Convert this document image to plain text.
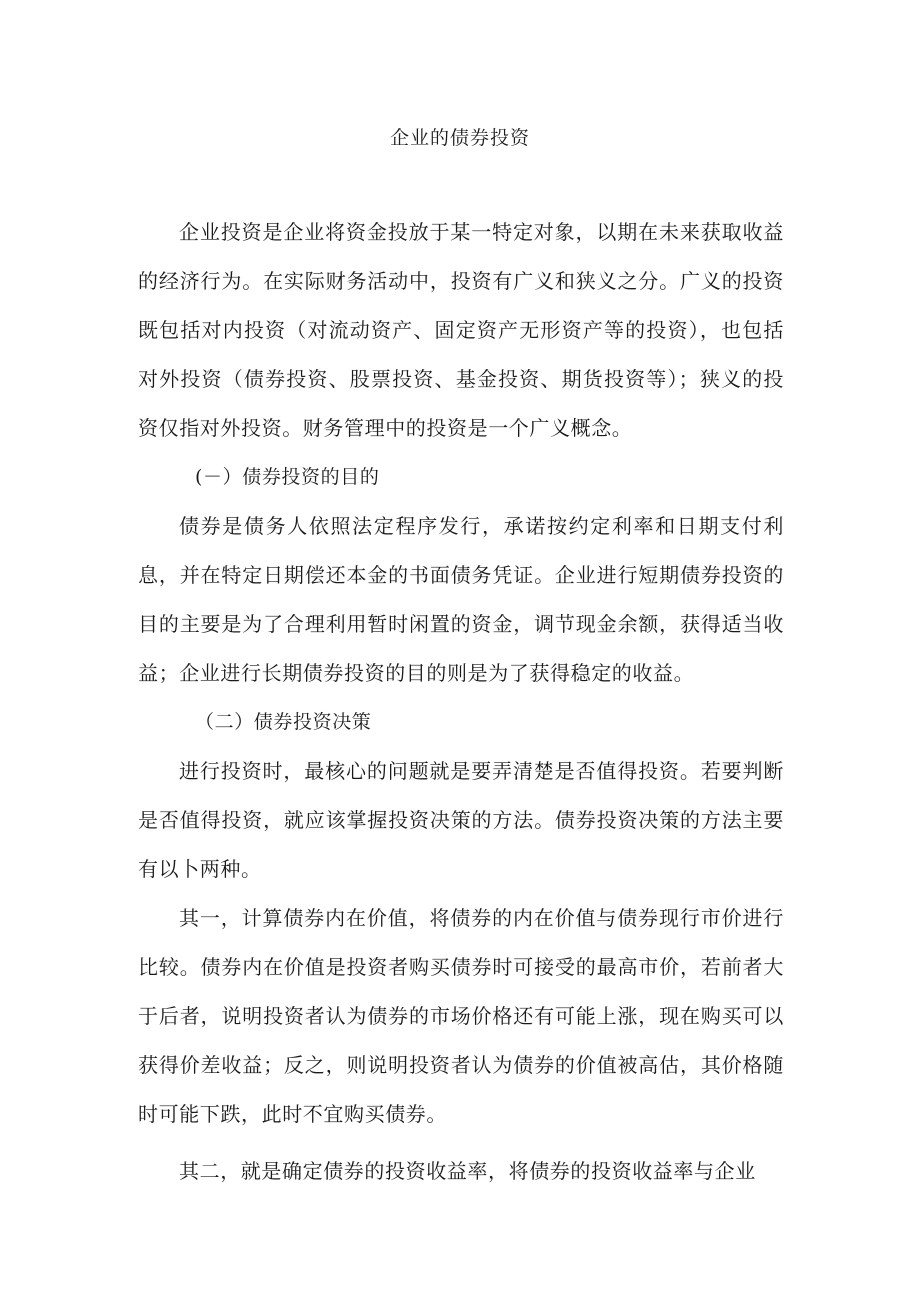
企业的债券投资

企业投资是企业将资金投放于某一特定对象，以期在未来获取收益的经济行为。在实际财务活动中，投资有广义和狭义之分。广义的投资既包括对内投资（对流动资产、固定资产无形资产等的投资），也包括对外投资（债券投资、股票投资、基金投资、期货投资等）；狭义的投资仅指对外投资。财务管理中的投资是一个广义概念。

(－）债券投资的目的

债券是债务人依照法定程序发行，承诺按约定利率和日期支付利息，并在特定日期偿还本金的书面债务凭证。企业进行短期债券投资的目的主要是为了合理利用暂时闲置的资金，调节现金余额，获得适当收益；企业进行长期债券投资的目的则是为了获得稳定的收益。

（二）债券投资决策

进行投资时，最核心的问题就是要弄清楚是否值得投资。若要判断是否值得投资，就应该掌握投资决策的方法。债券投资决策的方法主要有以卜两种。

其一，计算债券内在价值，将债券的内在价值与债券现行市价进行比较。债券内在价值是投资者购买债券时可接受的最高市价，若前者大于后者，说明投资者认为债券的市场价格还有可能上涨，现在购买可以获得价差收益；反之，则说明投资者认为债券的价值被高估，其价格随时可能下跌，此时不宜购买债券。

其二，就是确定债券的投资收益率，将债券的投资收益率与企业
